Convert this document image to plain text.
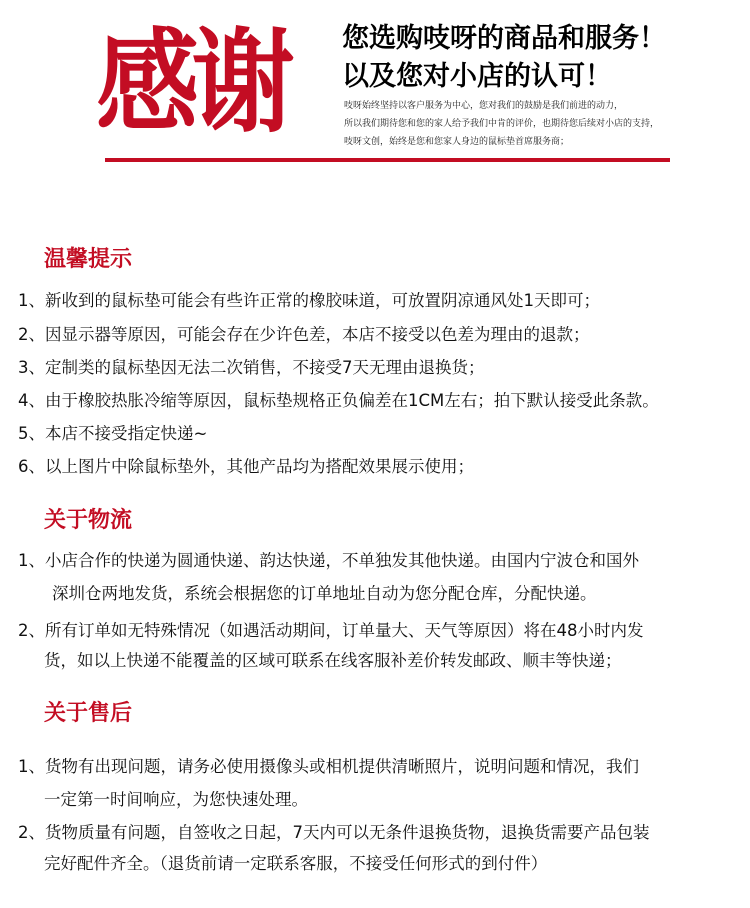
感谢 您选购吱呀的商品和服务！
以及您对小店的认可！
吱呀始终坚持以客户服务为中心，您对我们的鼓励是我们前进的动力，
所以我们期待您和您的家人给予我们中肯的评价，也期待您后续对小店的支持，
吱呀文创，始终是您和您家人身边的鼠标垫首席服务商；
温馨提示
1、新收到的鼠标垫可能会有些许正常的橡胶味道，可放置阴凉通风处1天即可；
2、因显示器等原因，可能会存在少许色差，本店不接受以色差为理由的退款；
3、定制类的鼠标垫因无法二次销售，不接受7天无理由退换货；
4、由于橡胶热胀冷缩等原因，鼠标垫规格正负偏差在1CM左右；拍下默认接受此条款。
5、本店不接受指定快递~
6、以上图片中除鼠标垫外，其他产品均为搭配效果展示使用；
关于物流
1、小店合作的快递为圆通快递、韵达快递，不单独发其他快递。由国内宁波仓和国外
深圳仓两地发货，系统会根据您的订单地址自动为您分配仓库，分配快递。
2、所有订单如无特殊情况（如遇活动期间，订单量大、天气等原因）将在48小时内发
货，如以上快递不能覆盖的区域可联系在线客服补差价转发邮政、顺丰等快递；
关于售后
1、货物有出现问题，请务必使用摄像头或相机提供清晰照片，说明问题和情况，我们
一定第一时间响应，为您快速处理。
2、货物质量有问题，自签收之日起，7天内可以无条件退换货物，退换货需要产品包装
完好配件齐全。（退货前请一定联系客服，不接受任何形式的到付件）
